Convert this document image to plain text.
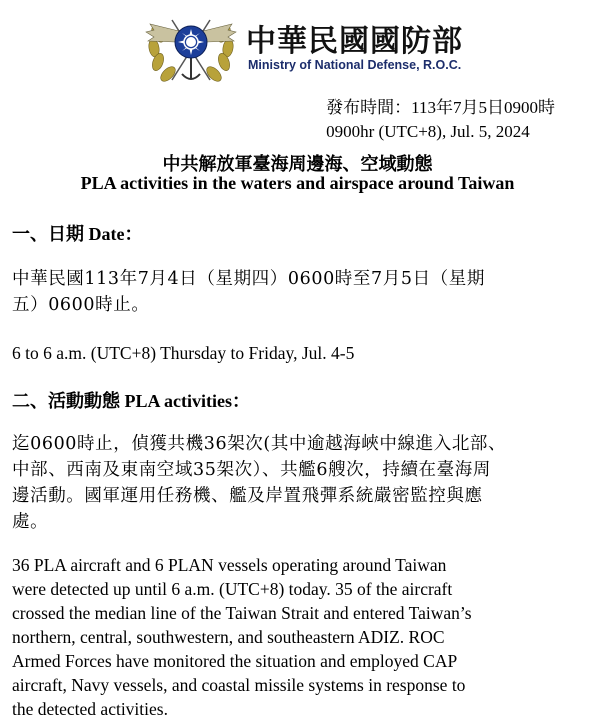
中華民國國防部
Ministry of National Defense, R.O.C.
發布時間：113年7月5日0900時
0900hr (UTC+8), Jul. 5, 2024
中共解放軍臺海周邊海、空域動態
PLA activities in the waters and airspace around Taiwan
一、日期 Date：
中華民國113年7月4日（星期四）0600時至7月5日（星期
五）0600時止。
6 to 6 a.m. (UTC+8) Thursday to Friday, Jul. 4-5
二、活動動態 PLA activities：
迄0600時止，偵獲共機36架次(其中逾越海峽中線進入北部、
中部、西南及東南空域35架次）、共艦6艘次，持續在臺海周
邊活動。國軍運用任務機、艦及岸置飛彈系統嚴密監控與應
處。
36 PLA aircraft and 6 PLAN vessels operating around Taiwan
were detected up until 6 a.m. (UTC+8) today. 35 of the aircraft
crossed the median line of the Taiwan Strait and entered Taiwan’s
northern, central, southwestern, and southeastern ADIZ. ROC
Armed Forces have monitored the situation and employed CAP
aircraft, Navy vessels, and coastal missile systems in response to
the detected activities.
